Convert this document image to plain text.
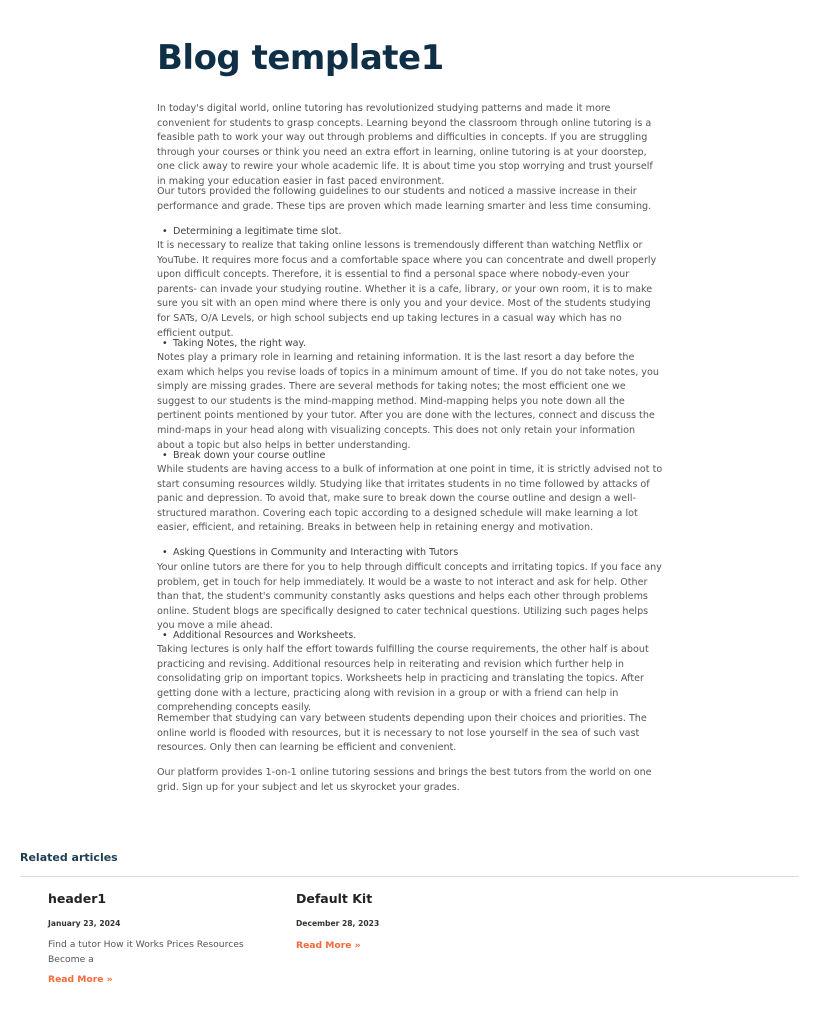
Blog template1

In today's digital world, online tutoring has revolutionized studying patterns and made it more convenient for students to grasp concepts. Learning beyond the classroom through online tutoring is a feasible path to work your way out through problems and difficulties in concepts. If you are struggling through your courses or think you need an extra effort in learning, online tutoring is at your doorstep, one click away to rewire your whole academic life. It is about time you stop worrying and trust yourself in making your education easier in fast paced environment.

Our tutors provided the following guidelines to our students and noticed a massive increase in their performance and grade. These tips are proven which made learning smarter and less time consuming.

• Determining a legitimate time slot.

It is necessary to realize that taking online lessons is tremendously different than watching Netflix or YouTube. It requires more focus and a comfortable space where you can concentrate and dwell properly upon difficult concepts. Therefore, it is essential to find a personal space where nobody-even your parents- can invade your studying routine. Whether it is a cafe, library, or your own room, it is to make sure you sit with an open mind where there is only you and your device. Most of the students studying for SATs, O/A Levels, or high school subjects end up taking lectures in a casual way which has no efficient output.

• Taking Notes, the right way.

Notes play a primary role in learning and retaining information. It is the last resort a day before the exam which helps you revise loads of topics in a minimum amount of time. If you do not take notes, you simply are missing grades. There are several methods for taking notes; the most efficient one we suggest to our students is the mind-mapping method. Mind-mapping helps you note down all the pertinent points mentioned by your tutor. After you are done with the lectures, connect and discuss the mind-maps in your head along with visualizing concepts. This does not only retain your information about a topic but also helps in better understanding.

• Break down your course outline

While students are having access to a bulk of information at one point in time, it is strictly advised not to start consuming resources wildly. Studying like that irritates students in no time followed by attacks of panic and depression. To avoid that, make sure to break down the course outline and design a well-structured marathon. Covering each topic according to a designed schedule will make learning a lot easier, efficient, and retaining. Breaks in between help in retaining energy and motivation.

• Asking Questions in Community and Interacting with Tutors

Your online tutors are there for you to help through difficult concepts and irritating topics. If you face any problem, get in touch for help immediately. It would be a waste to not interact and ask for help. Other than that, the student's community constantly asks questions and helps each other through problems online. Student blogs are specifically designed to cater technical questions. Utilizing such pages helps you move a mile ahead.

• Additional Resources and Worksheets.

Taking lectures is only half the effort towards fulfilling the course requirements, the other half is about practicing and revising. Additional resources help in reiterating and revision which further help in consolidating grip on important topics. Worksheets help in practicing and translating the topics. After getting done with a lecture, practicing along with revision in a group or with a friend can help in comprehending concepts easily.

Remember that studying can vary between students depending upon their choices and priorities. The online world is flooded with resources, but it is necessary to not lose yourself in the sea of such vast resources. Only then can learning be efficient and convenient.

Our platform provides 1-on-1 online tutoring sessions and brings the best tutors from the world on one grid. Sign up for your subject and let us skyrocket your grades.

Related articles

header1

January 23, 2024

Find a tutor How it Works Prices Resources Become a

Read More »

Default Kit

December 28, 2023

Read More »
